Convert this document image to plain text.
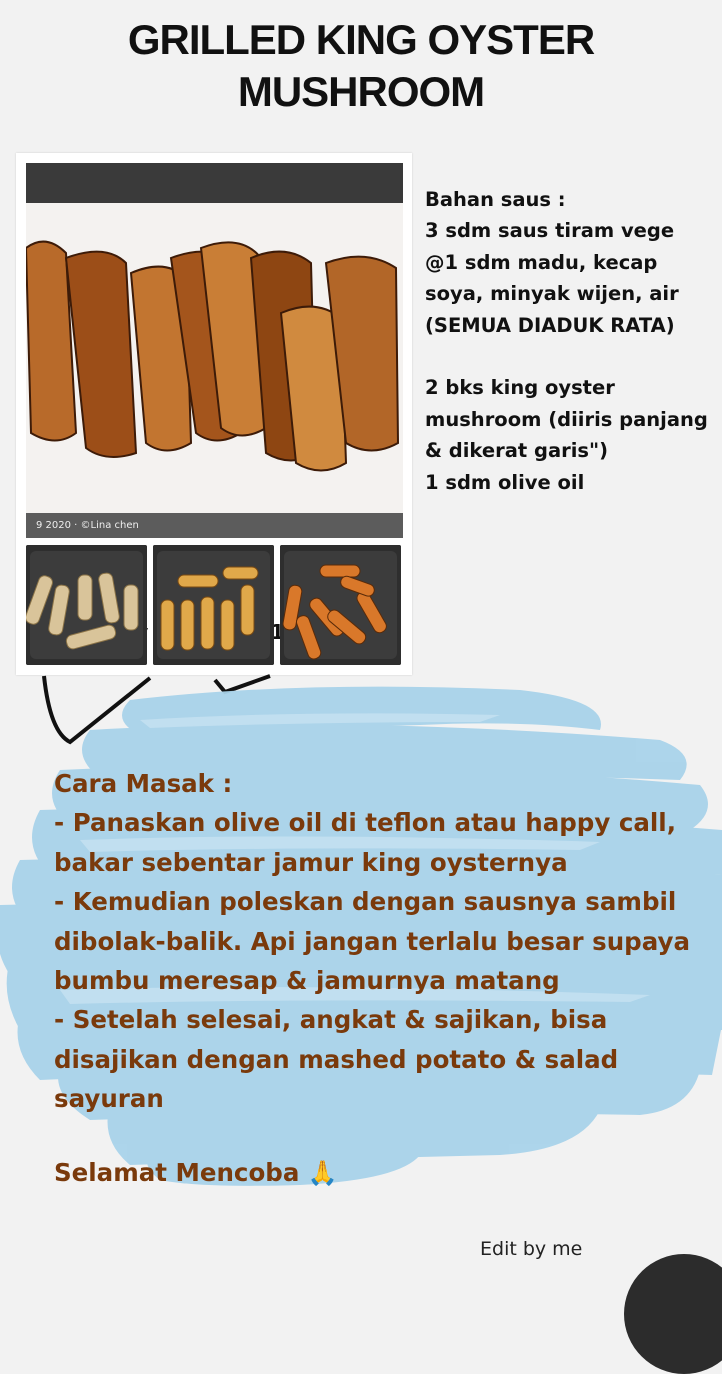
GRILLED KING OYSTER
MUSHROOM
9 2020 · ©Lina chen
Bahan saus :
3 sdm saus tiram vege
@1 sdm madu, kecap
soya, minyak wijen, air
(SEMUA DIADUK RATA)
2 bks king oyster
mushroom (diiris panjang
& dikerat garis")
1 sdm olive oil
Cara Masak :
- Panaskan olive oil di teflon atau happy call,
bakar sebentar jamur king oysternya
- Kemudian poleskan dengan sausnya sambil
dibolak-balik. Api jangan terlalu besar supaya
bumbu meresap & jamurnya matang
- Setelah selesai, angkat & sajikan, bisa
disajikan dengan mashed potato & salad
sayuran
Selamat Mencoba 🙏
Edit by me
